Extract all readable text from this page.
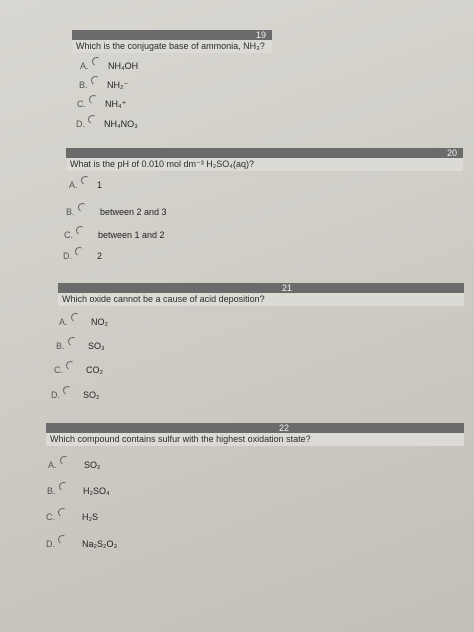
19
Which is the conjugate base of ammonia, NH₃?
A. NH₄OH
B. NH₂⁻
C. NH₄⁺
D. NH₄NO₃
20
What is the pH of 0.010 mol dm⁻³ H₂SO₄(aq)?
A. 1
B.	between 2 and 3
C.	between 1 and 2
D.	2
21
Which oxide cannot be a cause of acid deposition?
A.	NO₂
B.	SO₃
C.	CO₂
D.	SO₂
22
Which compound contains sulfur with the highest oxidation state?
A.	SO₂
B.	H₂SO₄
C.	H₂S
D.	Na₂S₂O₃
